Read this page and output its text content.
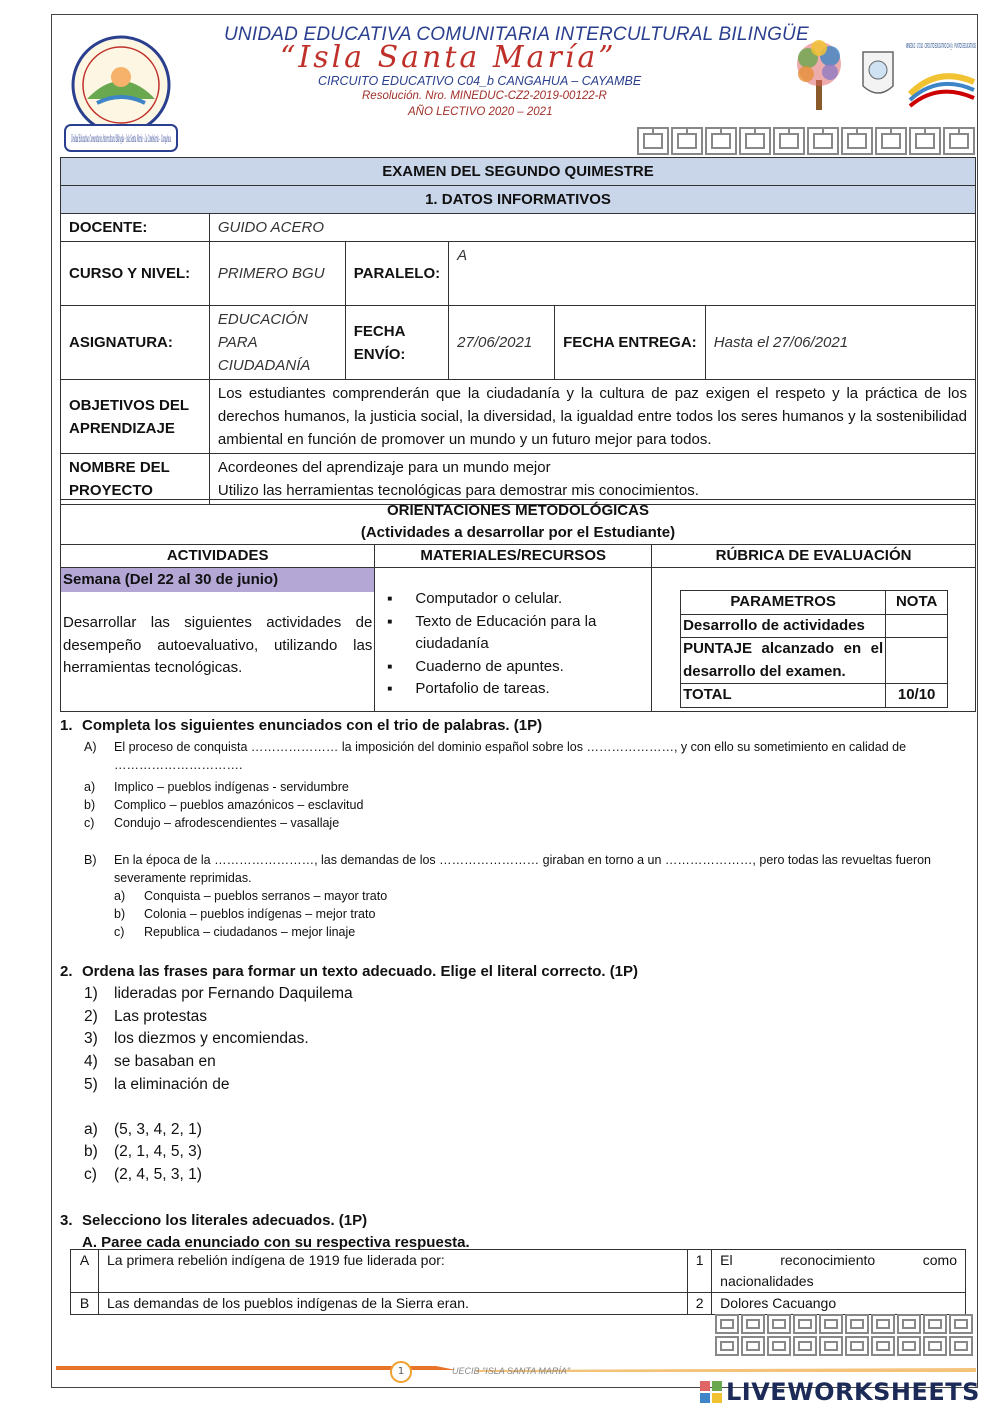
Unidad Educativa Comunitaria Intercultural Bilingüe · Isla Santa María · La Candelaria – Cangahua
UNIDAD EDUCATIVA COMUNITARIA INTERCULTURAL BILINGÜE
“Isla Santa María”
CIRCUITO EDUCATIVO C04_b CANGAHUA – CAYAMBE
Resolución. Nro. MINEDUC-CZ2-2019-00122-R
AÑO LECTIVO 2020 – 2021
MINEDUC - 17D10 · CIRCUITO EDUCATIVO C04_b · PUNTOS EDUCATIVOS
EXAMEN DEL SEGUNDO QUIMESTRE					
1. DATOS INFORMATIVOS					
DOCENTE:	GUIDO ACERO				
CURSO Y NIVEL:	PRIMERO BGU	PARALELO:	A		
ASIGNATURA:	EDUCACIÓN PARA CIUDADANÍA	FECHA ENVÍO:	27/06/2021	FECHA ENTREGA:	Hasta el 27/06/2021
OBJETIVOS DEL APRENDIZAJE	Los estudiantes comprenderán que la ciudadanía y la cultura de paz exigen el respeto y la práctica de los derechos humanos, la justicia social, la diversidad, la igualdad entre todos los seres humanos y la sostenibilidad ambiental en función de promover un mundo y un futuro mejor para todos.				
NOMBRE DEL PROYECTO	Acordeones del aprendizaje para un mundo mejor
Utilizo las herramientas tecnológicas para demostrar mis conocimientos.				
ORIENTACIONES METODOLÓGICAS
(Actividades a desarrollar por el Estudiante)

ACTIVIDADES	MATERIALES/RECURSOS	RÚBRICA DE EVALUACIÓN

Semana (Del 22 al 30 de junio)
Desarrollar las siguientes actividades de desempeño autoevaluativo, utilizando las herramientas tecnológicas.

■ Computador o celular.
■ Texto de Educación para la ciudadanía
■ Cuaderno de apuntes.
■ Portafolio de tareas.

PARAMETROS	NOTA
Desarrollo de actividades	
PUNTAJE alcanzado en el desarrollo del examen.	
TOTAL	10/10
1. Completa los siguientes enunciados con el trio de palabras. (1P)
A)	El proceso de conquista ………………… la imposición del dominio español sobre los …………………, y con ello su sometimiento en calidad de ………………………….
a)	Implico – pueblos indígenas - servidumbre
b)	Complico – pueblos amazónicos – esclavitud
c)	Condujo – afrodescendientes – vasallaje
B)	En la época de la ……………………, las demandas de los …………………… giraban en torno a un …………………, pero todas las revueltas fueron severamente reprimidas.
a)	Conquista – pueblos serranos – mayor trato
b)	Colonia – pueblos indígenas – mejor trato
c)	Republica – ciudadanos – mejor linaje
2. Ordena las frases para formar un texto adecuado. Elige el literal correcto. (1P)
1)	lideradas por Fernando Daquilema
2)	Las protestas
3)	los diezmos y encomiendas.
4)	se basaban en
5)	la eliminación de
a)	(5, 3, 4, 2, 1)
b)	(2, 1, 4, 5, 3)
c)	(2, 4, 5, 3, 1)
3. Selecciono los literales adecuados. (1P)
A. Paree cada enunciado con su respectiva respuesta.
A	La primera rebelión indígena de 1919 fue liderada por:	1	El reconocimiento como nacionalidades

B	Las demandas de los pueblos indígenas de la Sierra eran.	2	Dolores Cacuango
1	UECIB "ISLA SANTA MARÍA"
LIVEWORKSHEETS
